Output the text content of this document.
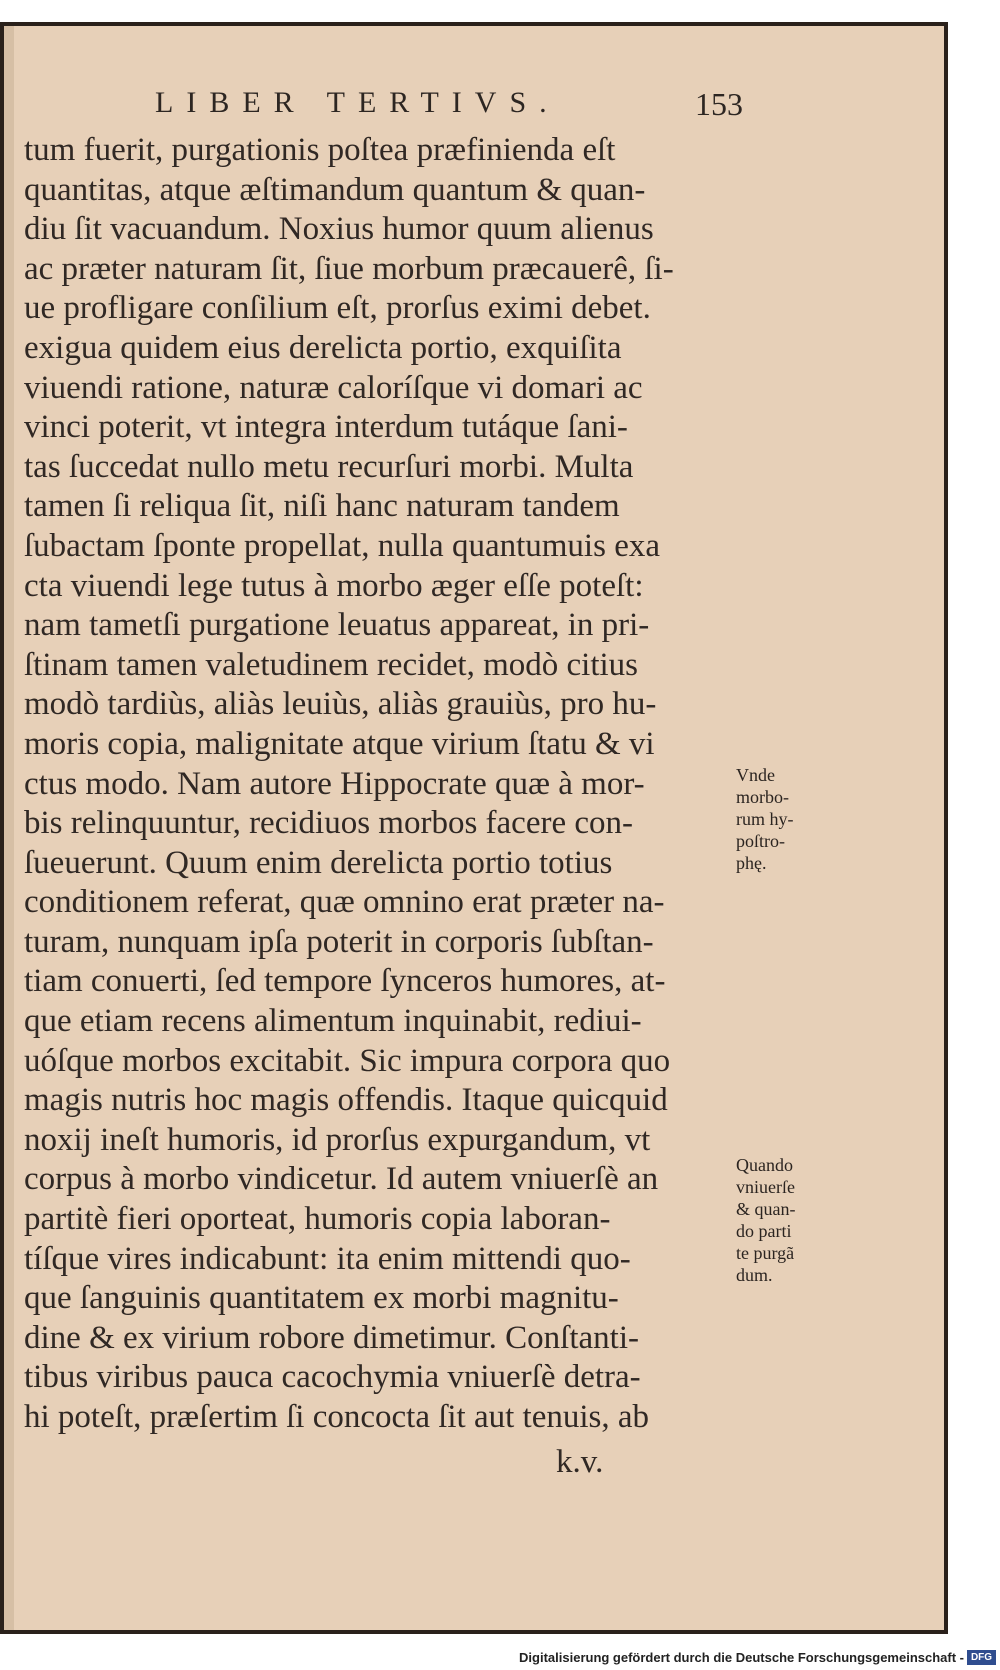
LIBER TERTIVS.	153
tum fuerit, purgationis poſtea præfinienda eſt
quantitas, atque æſtimandum quantum & quan-
diu ſit vacuandum. Noxius humor quum alienus
ac præter naturam ſit, ſiue morbum præcauerê, ſi-
ue profligare conſilium eſt, prorſus eximi debet.
exigua quidem eius derelicta portio, exquiſita
viuendi ratione, naturæ caloríſque vi domari ac
vinci poterit, vt integra interdum tutáque ſani-
tas ſuccedat nullo metu recurſuri morbi. Multa
tamen ſi reliqua ſit, niſi hanc naturam tandem
ſubactam ſponte propellat, nulla quantumuis exa
cta viuendi lege tutus à morbo æger eſſe poteſt:
nam tametſi purgatione leuatus appareat, in pri-
ſtinam tamen valetudinem recidet, modò citius
modò tardiùs, aliàs leuiùs, aliàs grauiùs, pro hu-
moris copia, malignitate atque virium ſtatu & vi
ctus modo. Nam autore Hippocrate quæ à mor-
bis relinquuntur, recidiuos morbos facere con-
ſueuerunt. Quum enim derelicta portio totius
conditionem referat, quæ omnino erat præter na-
turam, nunquam ipſa poterit in corporis ſubſtan-
tiam conuerti, ſed tempore ſynceros humores, at-
que etiam recens alimentum inquinabit, rediui-
uóſque morbos excitabit. Sic impura corpora quo
magis nutris hoc magis offendis. Itaque quicquid
noxij ineſt humoris, id prorſus expurgandum, vt
corpus à morbo vindicetur. Id autem vniuerſè an
partitè fieri oporteat, humoris copia laboran-
tíſque vires indicabunt: ita enim mittendi quo-
que ſanguinis quantitatem ex morbi magnitu-
dine & ex virium robore dimetimur. Conſtanti-
tibus viribus pauca cacochymia vniuerſè detra-
hi poteſt, præſertim ſi concocta ſit aut tenuis, ab
k.v.
Vnde
morbo-
rum hy-
poſtro-
phę.
Quando
vniuerſe
& quan-
do parti
te purgã
dum.
Digitalisierung gefördert durch die Deutsche Forschungsgemeinschaft - DFG
